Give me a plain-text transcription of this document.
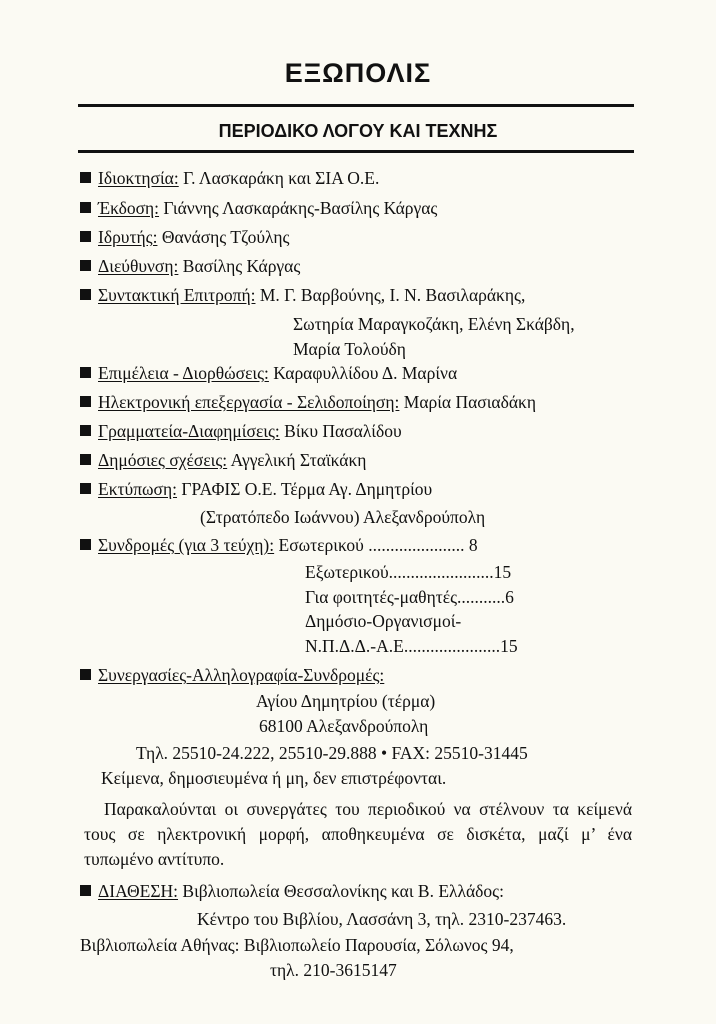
ΕΞΩΠΟΛΙΣ
ΠΕΡΙΟΔΙΚΟ ΛΟΓΟΥ ΚΑΙ ΤΕΧΝΗΣ
Ιδιοκτησία: Γ. Λασκαράκη και ΣΙΑ Ο.Ε.
Έκδοση: Γιάννης Λασκαράκης-Βασίλης Κάργας
Ιδρυτής: Θανάσης Τζούλης
Διεύθυνση: Βασίλης Κάργας
Συντακτική Επιτροπή: Μ. Γ. Βαρβούνης, Ι. Ν. Βασιλαράκης,
Σωτηρία Μαραγκοζάκη, Ελένη Σκάβδη,
Μαρία Τολούδη
Επιμέλεια - Διορθώσεις: Καραφυλλίδου Δ. Μαρίνα
Ηλεκτρονική επεξεργασία - Σελιδοποίηση: Μαρία Πασιαδάκη
Γραμματεία-Διαφημίσεις: Βίκυ Πασαλίδου
Δημόσιες σχέσεις: Αγγελική Σταϊκάκη
Εκτύπωση: ΓΡΑΦΙΣ Ο.Ε. Τέρμα Αγ. Δημητρίου
(Στρατόπεδο Ιωάννου) Αλεξανδρούπολη
Συνδρομές (για 3 τεύχη): Εσωτερικού ...................... 8
Εξωτερικού........................15
Για φοιτητές-μαθητές...........6
Δημόσιο-Οργανισμοί-
Ν.Π.Δ.Δ.-Α.Ε......................15
Συνεργασίες-Αλληλογραφία-Συνδρομές:
Αγίου Δημητρίου (τέρμα)
68100 Αλεξανδρούπολη
Τηλ. 25510-24.222, 25510-29.888 • FAX: 25510-31445
Κείμενα, δημοσιευμένα ή μη, δεν επιστρέφονται.
Παρακαλούνται οι συνεργάτες του περιοδικού να στέλνουν τα κείμενά τους σε ηλεκτρονική μορφή, αποθηκευμένα σε δισκέτα, μαζί μ’ ένα τυπωμένο αντίτυπο.
ΔΙΑΘΕΣΗ: Βιβλιοπωλεία Θεσσαλονίκης και Β. Ελλάδος:
Κέντρο του Βιβλίου, Λασσάνη 3, τηλ. 2310-237463.
Βιβλιοπωλεία Αθήνας: Βιβλιοπωλείο Παρουσία, Σόλωνος 94,
τηλ. 210-3615147
